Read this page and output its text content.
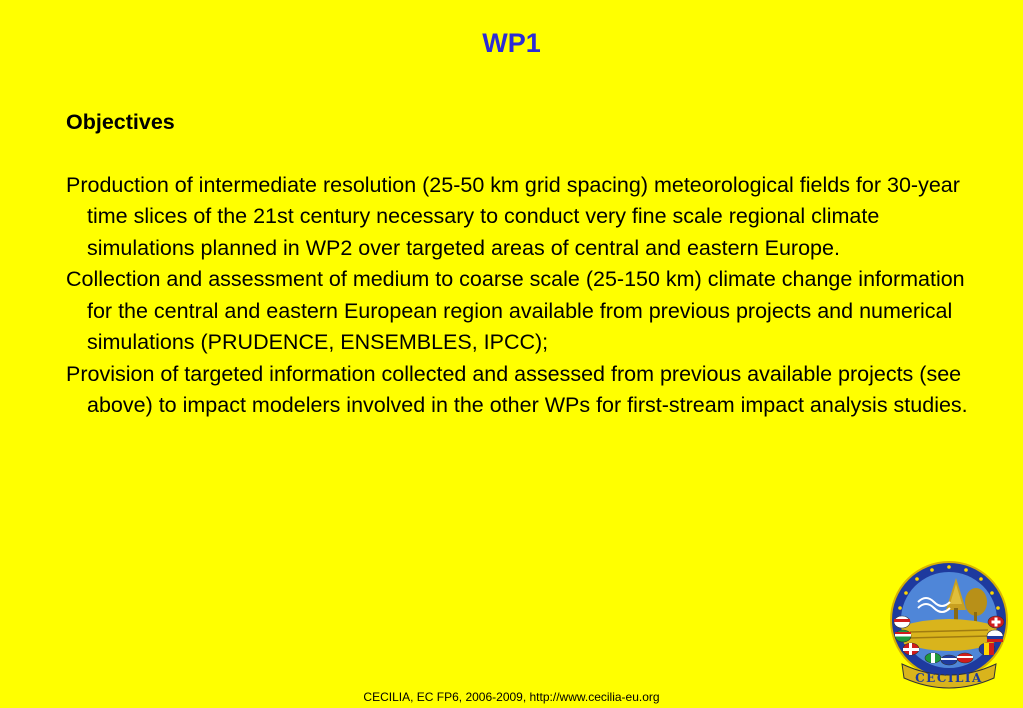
WP1

Objectives

Production of intermediate resolution (25-50 km grid spacing) meteorological fields for 30-year time slices of the 21st century necessary to conduct very fine scale regional climate simulations planned in WP2 over targeted areas of central and eastern Europe.

Collection and assessment of medium to coarse scale (25-150 km) climate change information for the central and eastern European region available from previous projects and numerical simulations (PRUDENCE, ENSEMBLES, IPCC);

Provision of targeted information collected and assessed from previous available projects (see above) to impact modelers involved in the other WPs for first-stream impact analysis studies.

CECILIA
CECILIA, EC FP6, 2006-2009, http://www.cecilia-eu.org
